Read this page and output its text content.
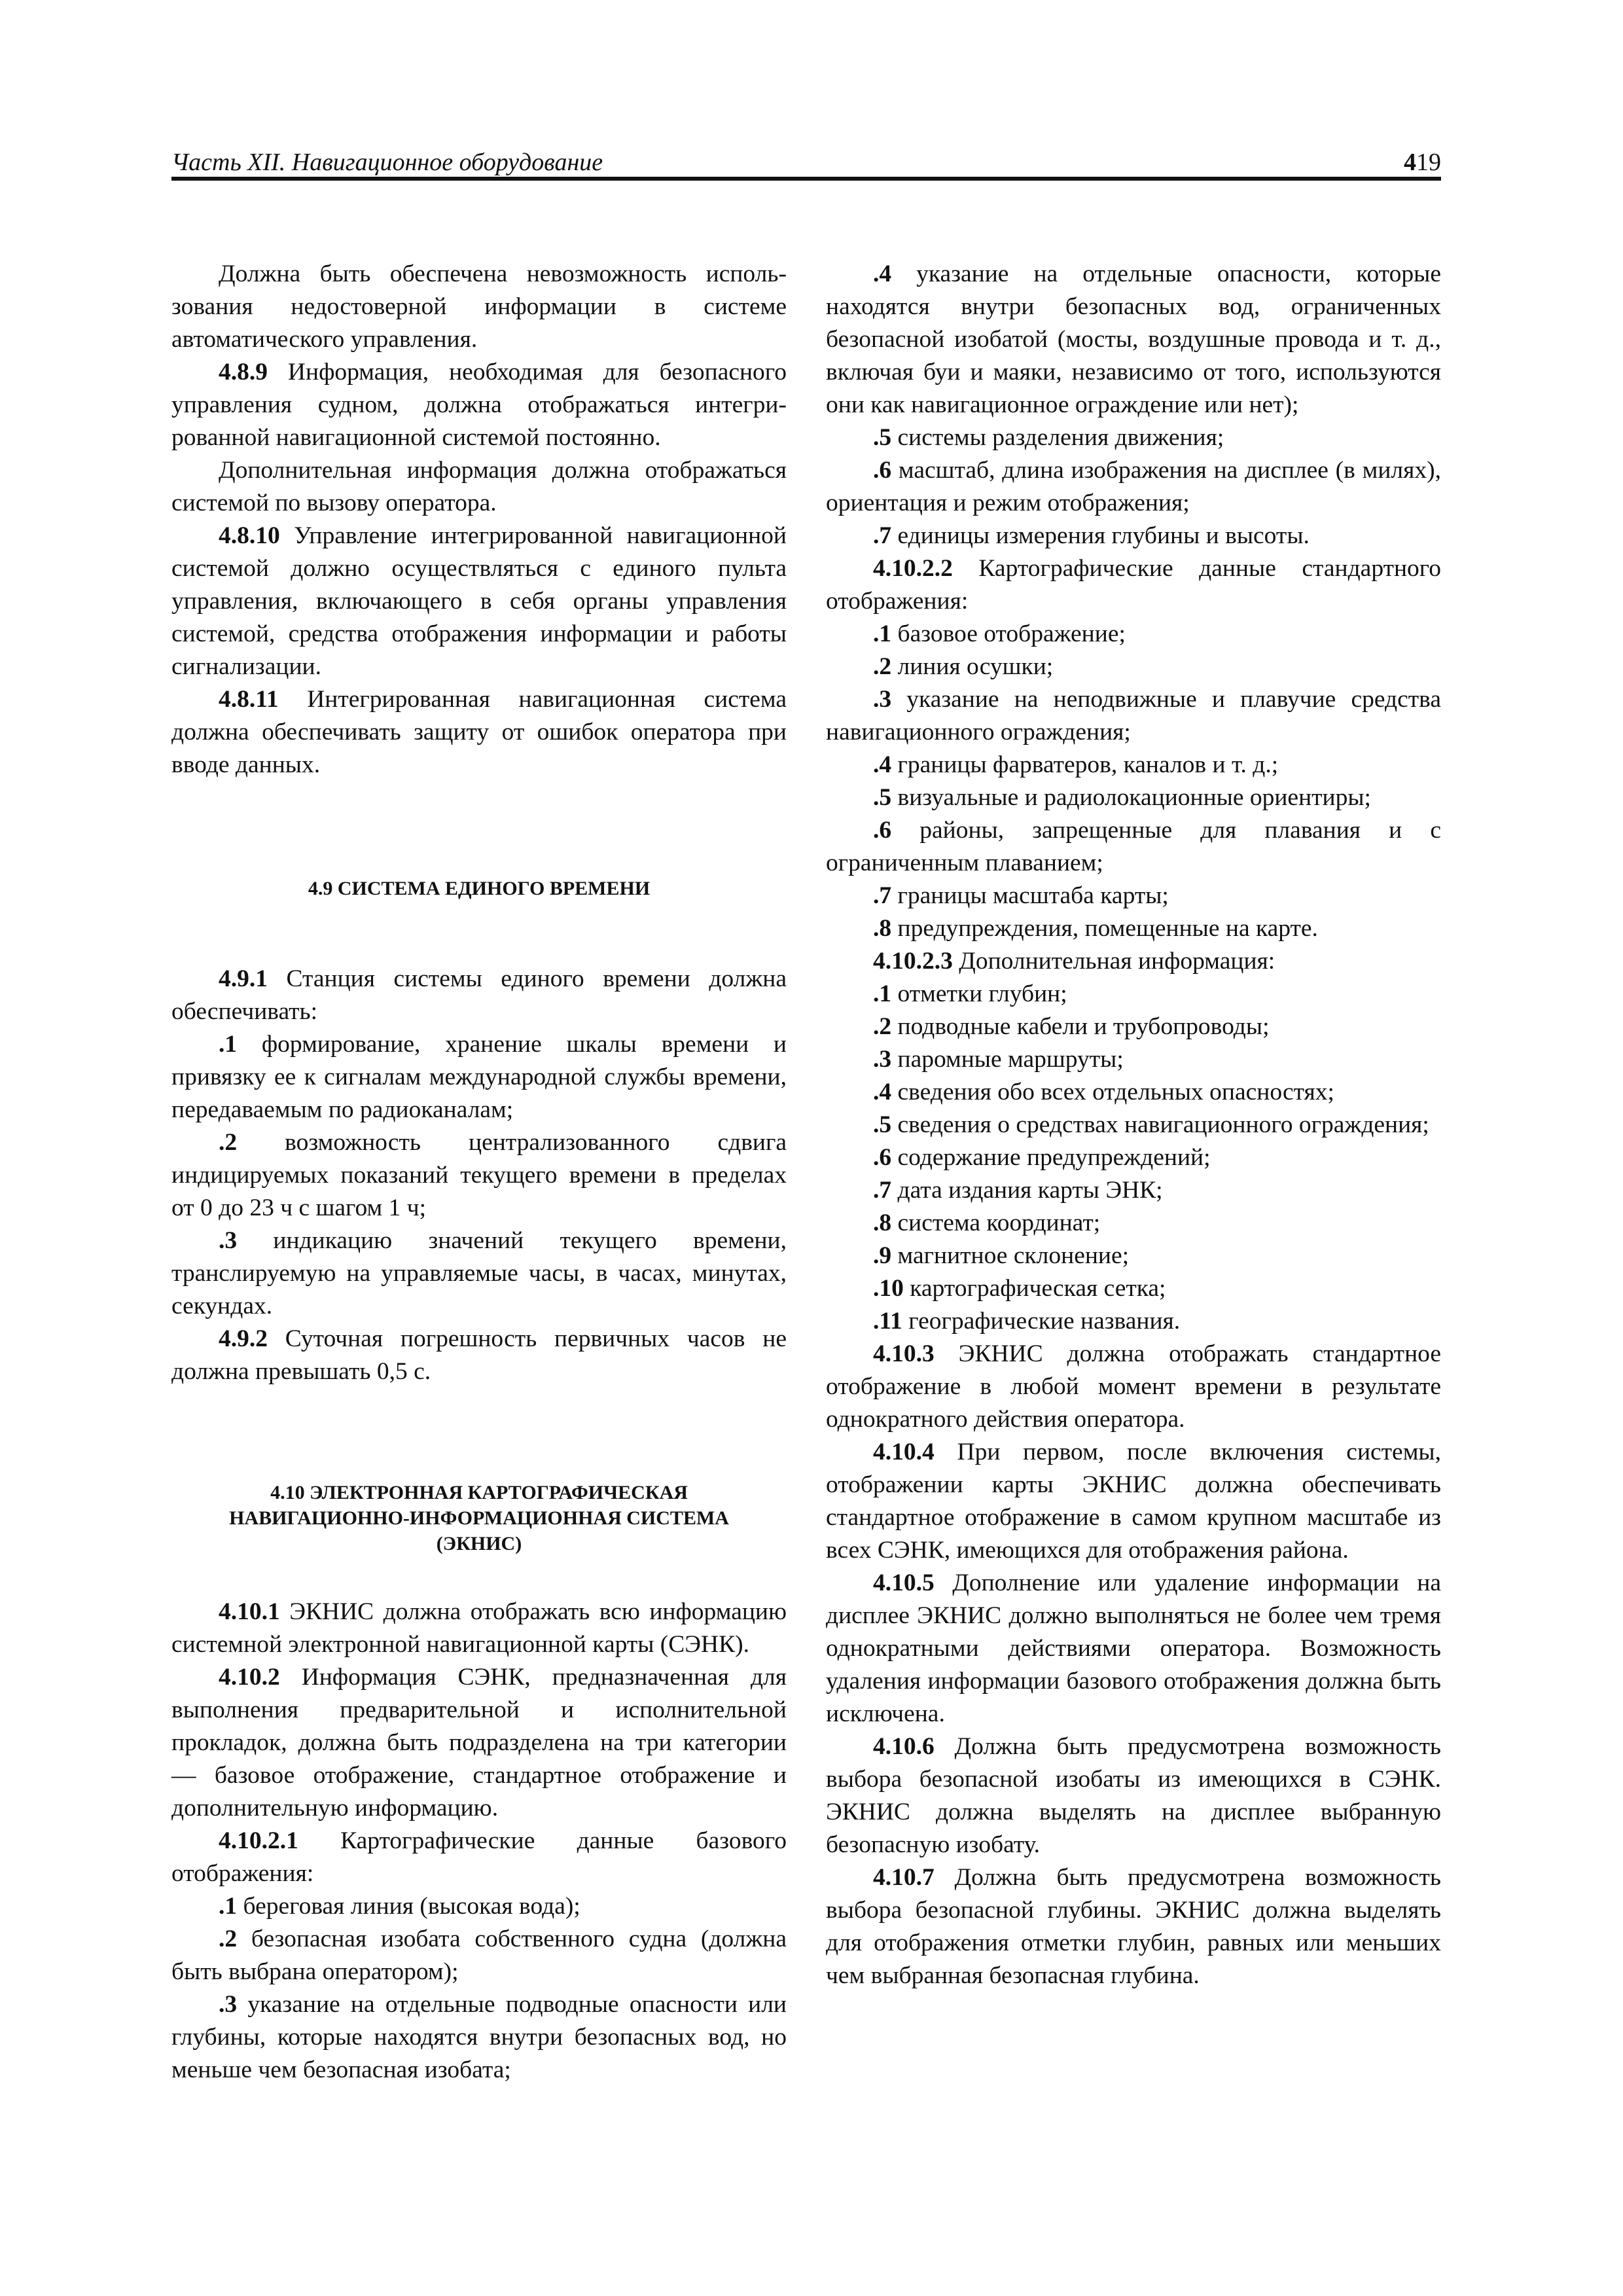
Часть XII. Навигационное оборудование	419

Должна быть обеспечена невозможность использования недостоверной информации в системе автоматического управления.

4.8.9 Информация, необходимая для безопасного управления судном, должна отображаться интегрированной навигационной системой постоянно.

Дополнительная информация должна отображаться системой по вызову оператора.

4.8.10 Управление интегрированной навигационной системой должно осуществляться с единого пульта управления, включающего в себя органы управления системой, средства отображения информации и работы сигнализации.

4.8.11 Интегрированная навигационная система должна обеспечивать защиту от ошибок оператора при вводе данных.

4.9 СИСТЕМА ЕДИНОГО ВРЕМЕНИ

4.9.1 Станция системы единого времени должна обеспечивать:

.1 формирование, хранение шкалы времени и привязку ее к сигналам международной службы времени, передаваемым по радиоканалам;

.2 возможность централизованного сдвига индицируемых показаний текущего времени в пределах от 0 до 23 ч с шагом 1 ч;

.3 индикацию значений текущего времени, транслируемую на управляемые часы, в часах, минутах, секундах.

4.9.2 Суточная погрешность первичных часов не должна превышать 0,5 с.

4.10 ЭЛЕКТРОННАЯ КАРТОГРАФИЧЕСКАЯ

НАВИГАЦИОННО-ИНФОРМАЦИОННАЯ СИСТЕМА

(ЭКНИС)

4.10.1 ЭКНИС должна отображать всю информацию системной электронной навигационной карты (СЭНК).

4.10.2 Информация СЭНК, предназначенная для выполнения предварительной и исполнительной прокладок, должна быть подразделена на три категории — базовое отображение, стандартное отображение и дополнительную информацию.

4.10.2.1 Картографические данные базового отображения:

.1 береговая линия (высокая вода);

.2 безопасная изобата собственного судна (должна быть выбрана оператором);

.3 указание на отдельные подводные опасности или глубины, которые находятся внутри безопасных вод, но меньше чем безопасная изобата;

.4 указание на отдельные опасности, которые находятся внутри безопасных вод, ограниченных безопасной изобатой (мосты, воздушные провода и т. д., включая буи и маяки, независимо от того, используются они как навигационное ограждение или нет);

.5 системы разделения движения;

.6 масштаб, длина изображения на дисплее (в милях), ориентация и режим отображения;

.7 единицы измерения глубины и высоты.

4.10.2.2 Картографические данные стандартного отображения:

.1 базовое отображение;

.2 линия осушки;

.3 указание на неподвижные и плавучие средства навигационного ограждения;

.4 границы фарватеров, каналов и т. д.;

.5 визуальные и радиолокационные ориентиры;

.6 районы, запрещенные для плавания и с ограниченным плаванием;

.7 границы масштаба карты;

.8 предупреждения, помещенные на карте.

4.10.2.3 Дополнительная информация:

.1 отметки глубин;

.2 подводные кабели и трубопроводы;

.3 паромные маршруты;

.4 сведения обо всех отдельных опасностях;

.5 сведения о средствах навигационного ограждения;

.6 содержание предупреждений;

.7 дата издания карты ЭНК;

.8 система координат;

.9 магнитное склонение;

.10 картографическая сетка;

.11 географические названия.

4.10.3 ЭКНИС должна отображать стандартное отображение в любой момент времени в результате однократного действия оператора.

4.10.4 При первом, после включения системы, отображении карты ЭКНИС должна обеспечивать стандартное отображение в самом крупном масштабе из всех СЭНК, имеющихся для отображения района.

4.10.5 Дополнение или удаление информации на дисплее ЭКНИС должно выполняться не более чем тремя однократными действиями оператора. Возможность удаления информации базового отображения должна быть исключена.

4.10.6 Должна быть предусмотрена возможность выбора безопасной изобаты из имеющихся в СЭНК. ЭКНИС должна выделять на дисплее выбранную безопасную изобату.

4.10.7 Должна быть предусмотрена возможность выбора безопасной глубины. ЭКНИС должна выделять для отображения отметки глубин, равных или меньших чем выбранная безопасная глубина.
